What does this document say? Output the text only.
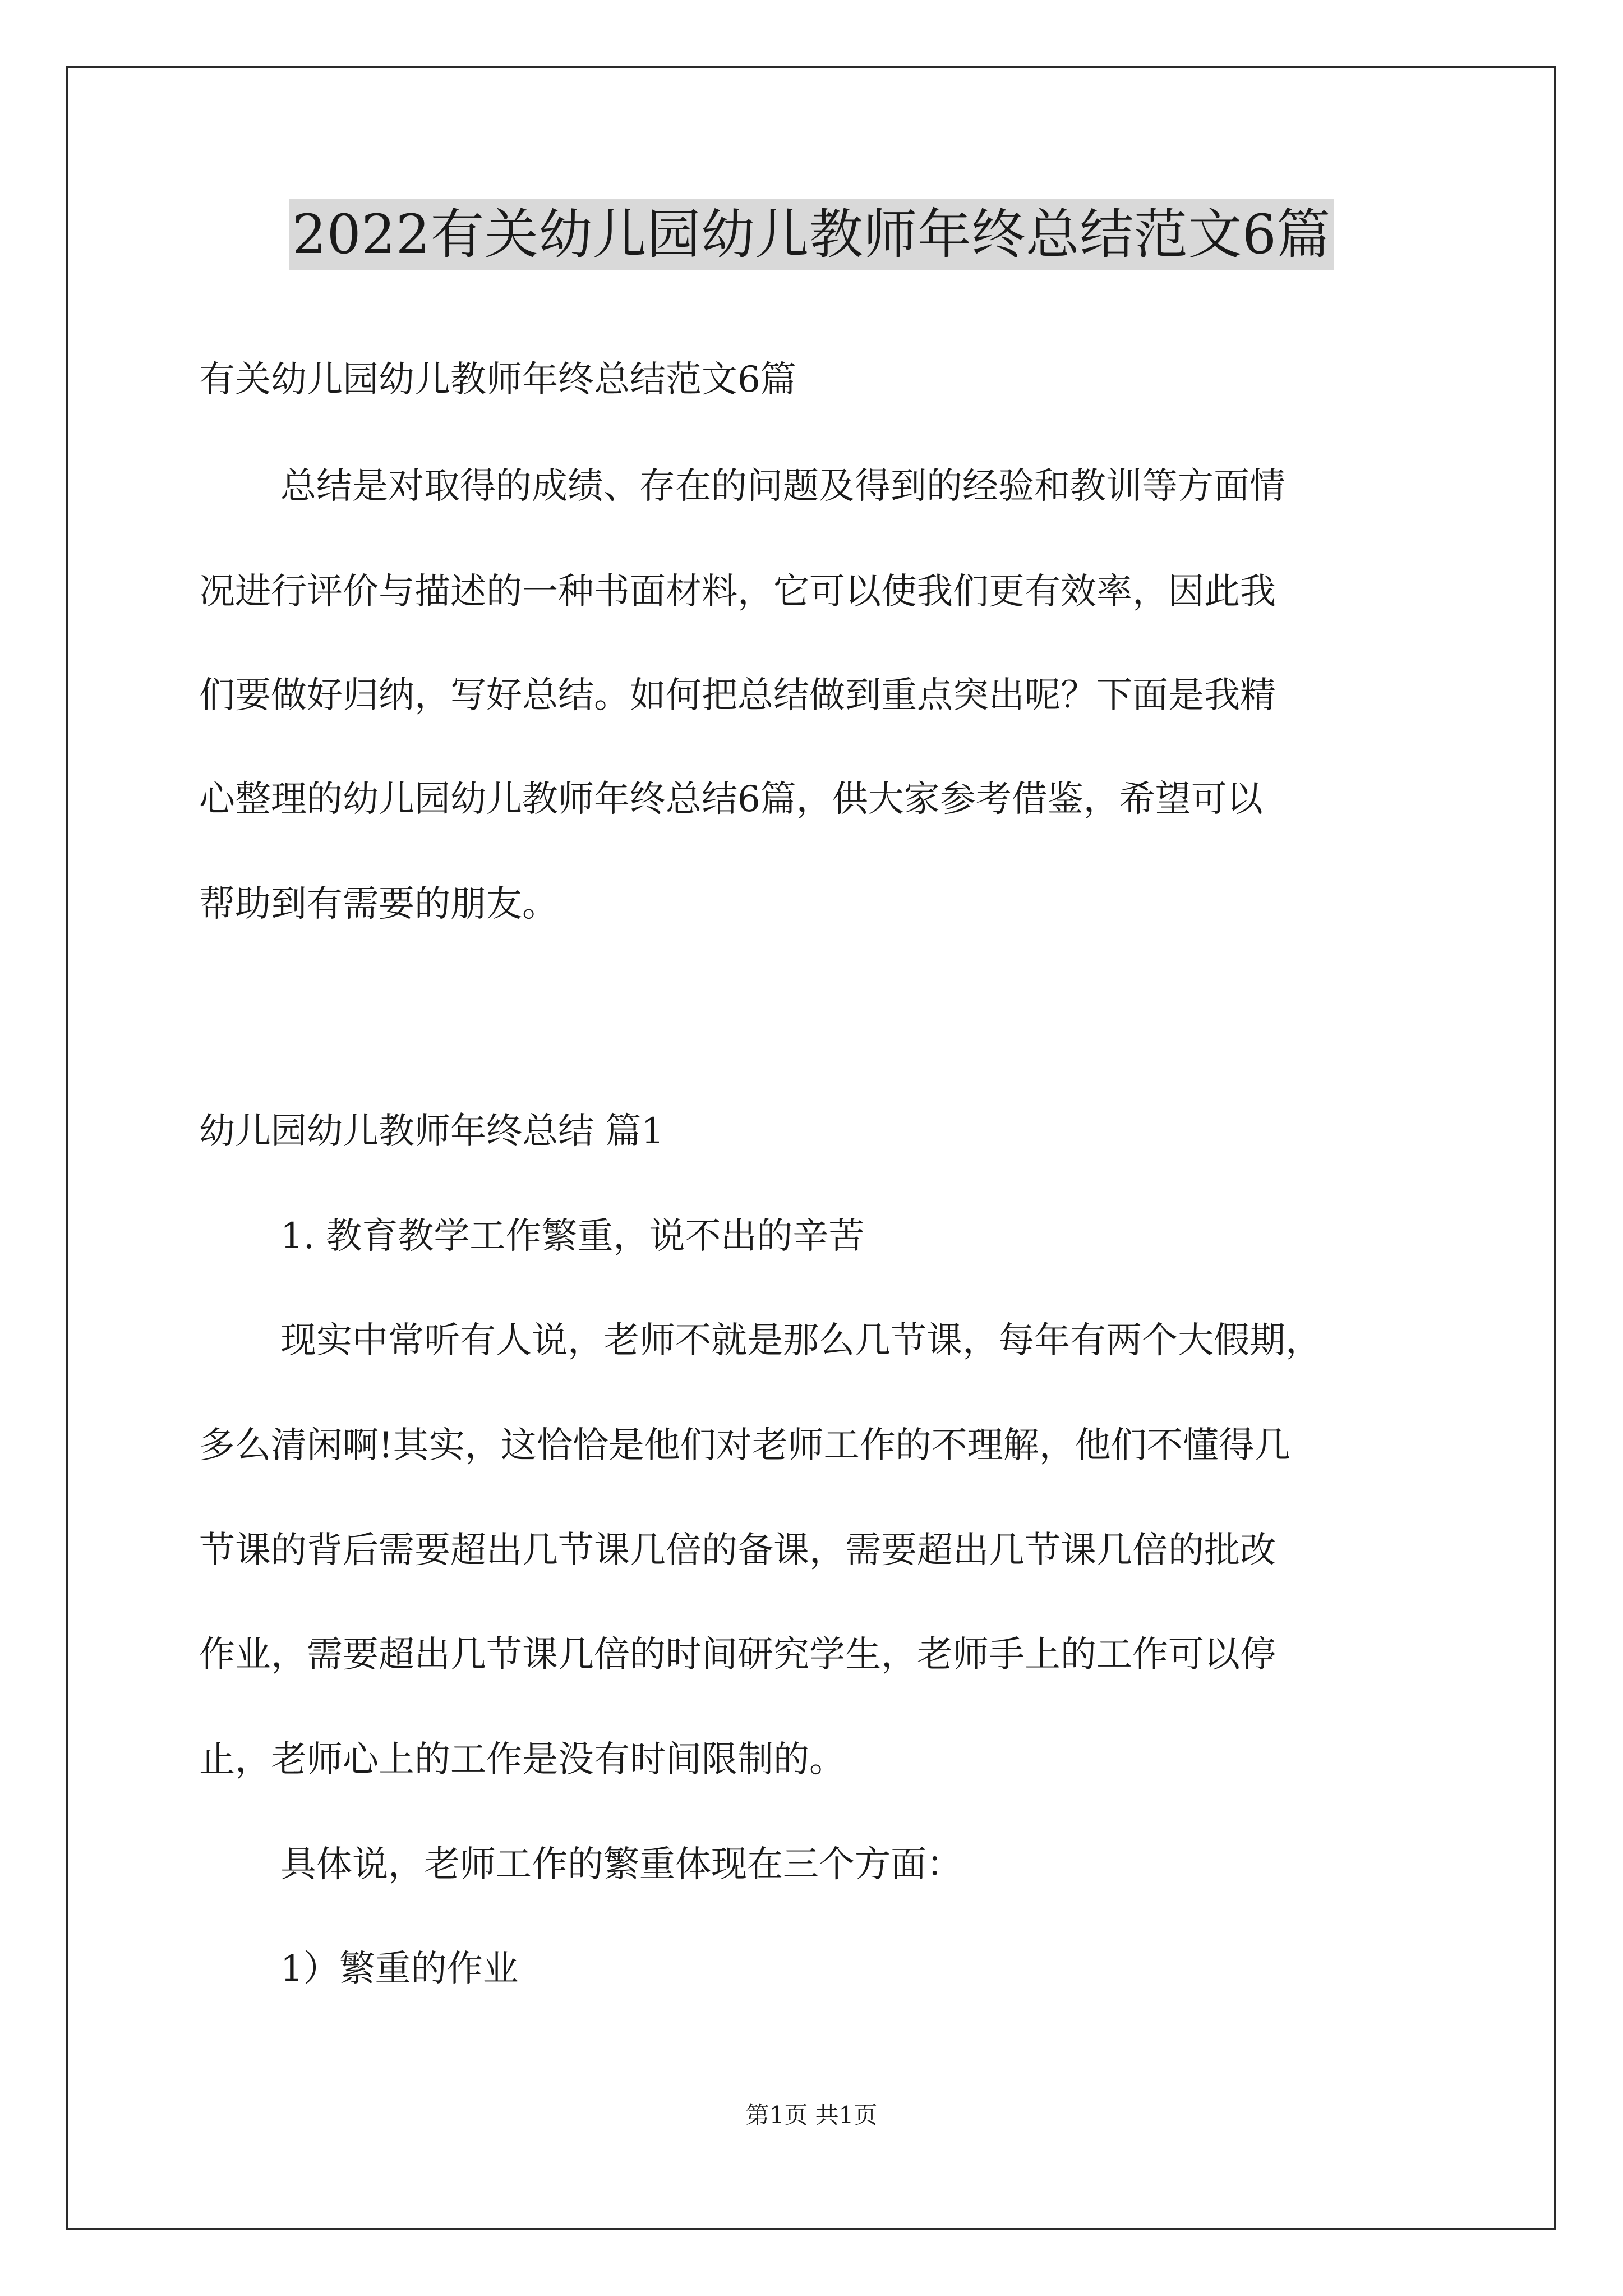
2022有关幼儿园幼儿教师年终总结范文6篇
有关幼儿园幼儿教师年终总结范文6篇
总结是对取得的成绩、存在的问题及得到的经验和教训等方面情
况进行评价与描述的一种书面材料，它可以使我们更有效率，因此我
们要做好归纳，写好总结。如何把总结做到重点突出呢？下面是我精
心整理的幼儿园幼儿教师年终总结6篇，供大家参考借鉴，希望可以
帮助到有需要的朋友。
幼儿园幼儿教师年终总结 篇1
1. 教育教学工作繁重，说不出的辛苦
现实中常听有人说，老师不就是那么几节课，每年有两个大假期，
多么清闲啊!其实，这恰恰是他们对老师工作的不理解，他们不懂得几
节课的背后需要超出几节课几倍的备课，需要超出几节课几倍的批改
作业，需要超出几节课几倍的时间研究学生，老师手上的工作可以停
止，老师心上的工作是没有时间限制的。
具体说，老师工作的繁重体现在三个方面：
1）繁重的作业
第1页 共1页
